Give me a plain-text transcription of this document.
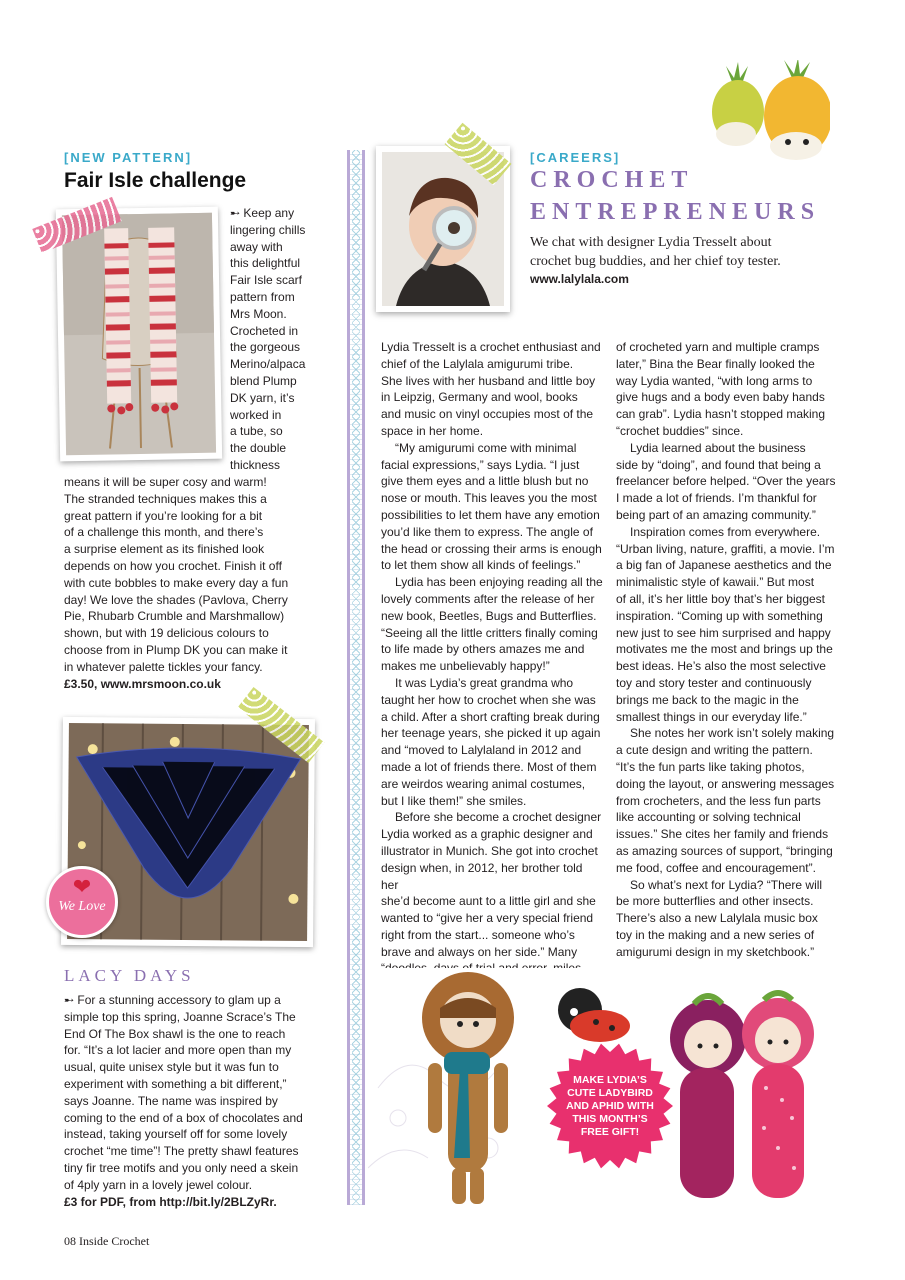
[NEW PATTERN]
Fair Isle challenge
➸ Keep any
lingering chills
away with
this delightful
Fair Isle scarf
pattern from
Mrs Moon.
Crocheted in
the gorgeous
Merino/alpaca
blend Plump
DK yarn, it’s
worked in
a tube, so
the double
thickness
means it will be super cosy and warm!
The stranded techniques makes this a
great pattern if you’re looking for a bit
of a challenge this month, and there’s
a surprise element as its finished look
depends on how you crochet. Finish it off
with cute bobbles to make every day a fun
day! We love the shades (Pavlova, Cherry
Pie, Rhubarb Crumble and Marshmallow)
shown, but with 19 delicious colours to
choose from in Plump DK you can make it
in whatever palette tickles your fancy.
£3.50, www.mrsmoon.co.uk
❤
We Love
LACY DAYS
➸ For a stunning accessory to glam up a
simple top this spring, Joanne Scrace’s The
End Of The Box shawl is the one to reach
for. “It’s a lot lacier and more open than my
usual, quite unisex style but it was fun to
experiment with something a bit different,”
says Joanne. The name was inspired by
coming to the end of a box of chocolates and
instead, taking yourself off for some lovely
crochet “me time”! The pretty shawl features
tiny fir tree motifs and you only need a skein
of 4ply yarn in a lovely jewel colour.
£3 for PDF, from http://bit.ly/2BLZyRr.
[CAREERS]
CROCHET
ENTREPRENEURS
We chat with designer Lydia Tresselt about
crochet bug buddies, and her chief toy tester.
www.lalylala.com
Lydia Tresselt is a crochet enthusiast and
chief of the Lalylala amigurumi tribe.
She lives with her husband and little boy
in Leipzig, Germany and wool, books
and music on vinyl occupies most of the
space in her home.
“My amigurumi come with minimal
facial expressions,” says Lydia. “I just
give them eyes and a little blush but no
nose or mouth. This leaves you the most
possibilities to let them have any emotion
you’d like them to express. The angle of
the head or crossing their arms is enough
to let them show all kinds of feelings.”
Lydia has been enjoying reading all the
lovely comments after the release of her
new book, Beetles, Bugs and Butterflies.
“Seeing all the little critters finally coming
to life made by others amazes me and
makes me unbelievably happy!”
It was Lydia’s great grandma who
taught her how to crochet when she was
a child. After a short crafting break during
her teenage years, she picked it up again
and “moved to Lalylaland in 2012 and
made a lot of friends there. Most of them
are weirdos wearing animal costumes,
but I like them!” she smiles.
Before she become a crochet designer
Lydia worked as a graphic designer and
illustrator in Munich. She got into crochet
design when, in 2012, her brother told her
she’d become aunt to a little girl and she
wanted to “give her a very special friend
right from the start... someone who’s
brave and always on her side.” Many
of crocheted yarn and multiple cramps
later,” Bina the Bear finally looked the
way Lydia wanted, “with long arms to
give hugs and a body even baby hands
can grab”. Lydia hasn’t stopped making
“crochet buddies” since.
Lydia learned about the business
side by “doing”, and found that being a
freelancer before helped. “Over the years
I made a lot of friends. I’m thankful for
being part of an amazing community.”
Inspiration comes from everywhere.
“Urban living, nature, graffiti, a movie. I’m
a big fan of Japanese aesthetics and the
minimalistic style of kawaii.” But most
of all, it’s her little boy that’s her biggest
inspiration. “Coming up with something
new just to see him surprised and happy
motivates me the most and brings up the
best ideas. He’s also the most selective
toy and story tester and continuously
brings me back to the magic in the
smallest things in our everyday life.”
She notes her work isn’t solely making
a cute design and writing the pattern.
“It’s the fun parts like taking photos,
doing the layout, or answering messages
from crocheters, and the less fun parts
like accounting or solving technical
issues.” She cites her family and friends
as amazing sources of support, “bringing
me food, coffee and encouragement”.
So what’s next for Lydia? “There will
be more butterflies and other insects.
There’s also a new Lalylala music box
toy in the making and a new series of
amigurumi design in my sketchbook.”
MAKE LYDIA’S
CUTE LADYBIRD
AND APHID WITH
THIS MONTH’S
FREE GIFT!
08 Inside Crochet
